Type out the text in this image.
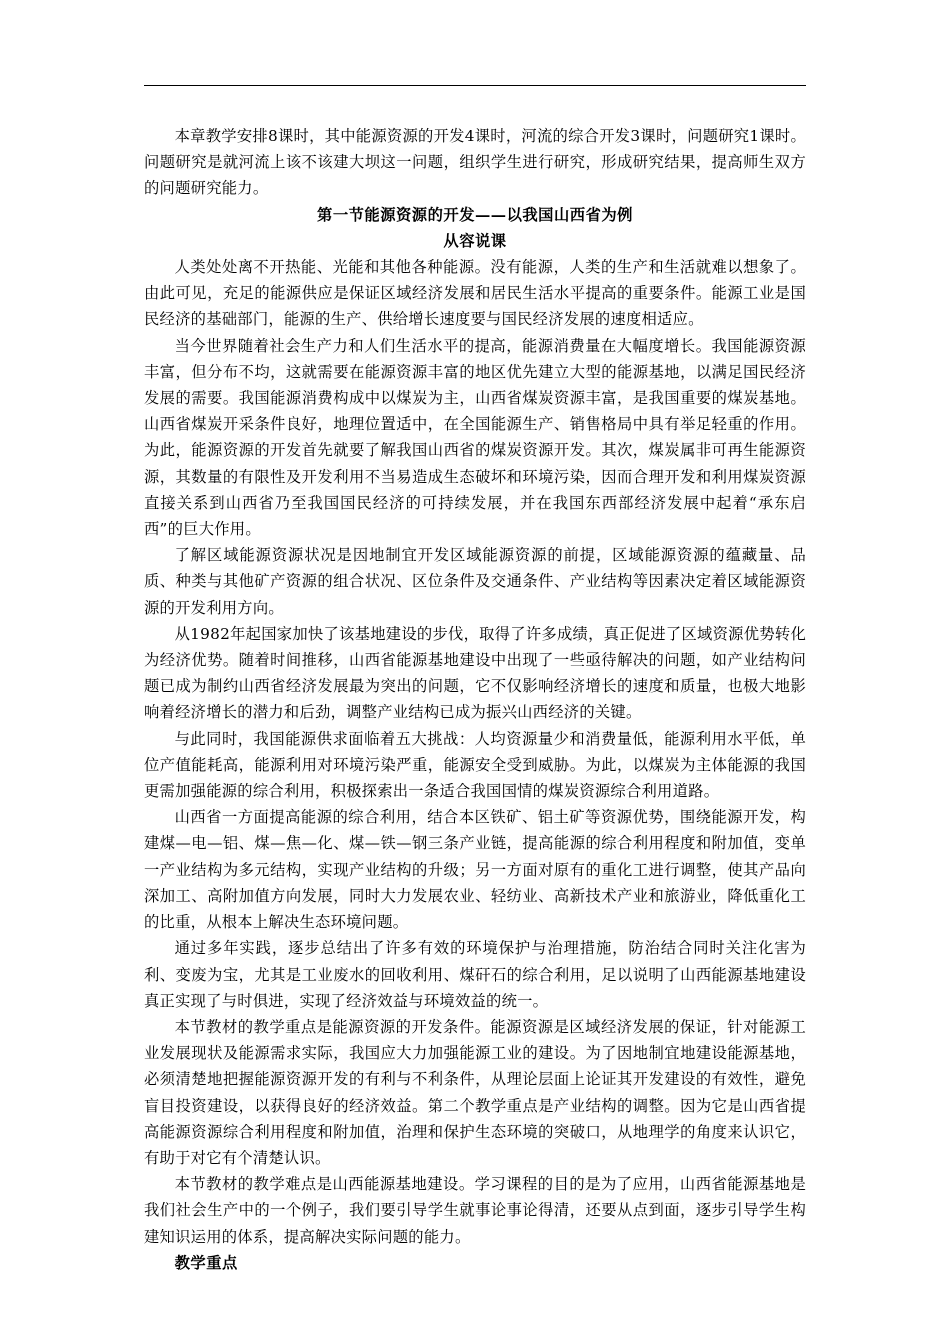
本章教学安排8课时，其中能源资源的开发4课时，河流的综合开发3课时，问题研究1课时。问题研究是就河流上该不该建大坝这一问题，组织学生进行研究，形成研究结果，提高师生双方的问题研究能力。

第一节能源资源的开发——以我国山西省为例

从容说课

人类处处离不开热能、光能和其他各种能源。没有能源，人类的生产和生活就难以想象了。由此可见，充足的能源供应是保证区域经济发展和居民生活水平提高的重要条件。能源工业是国民经济的基础部门，能源的生产、供给增长速度要与国民经济发展的速度相适应。

当今世界随着社会生产力和人们生活水平的提高，能源消费量在大幅度增长。我国能源资源丰富，但分布不均，这就需要在能源资源丰富的地区优先建立大型的能源基地，以满足国民经济发展的需要。我国能源消费构成中以煤炭为主，山西省煤炭资源丰富，是我国重要的煤炭基地。山西省煤炭开采条件良好，地理位置适中，在全国能源生产、销售格局中具有举足轻重的作用。为此，能源资源的开发首先就要了解我国山西省的煤炭资源开发。其次，煤炭属非可再生能源资源，其数量的有限性及开发利用不当易造成生态破坏和环境污染，因而合理开发和利用煤炭资源直接关系到山西省乃至我国国民经济的可持续发展，并在我国东西部经济发展中起着“承东启西”的巨大作用。

了解区域能源资源状况是因地制宜开发区域能源资源的前提，区域能源资源的蕴藏量、品质、种类与其他矿产资源的组合状况、区位条件及交通条件、产业结构等因素决定着区域能源资源的开发利用方向。

从1982年起国家加快了该基地建设的步伐，取得了许多成绩，真正促进了区域资源优势转化为经济优势。随着时间推移，山西省能源基地建设中出现了一些亟待解决的问题，如产业结构问题已成为制约山西省经济发展最为突出的问题，它不仅影响经济增长的速度和质量，也极大地影响着经济增长的潜力和后劲，调整产业结构已成为振兴山西经济的关键。

与此同时，我国能源供求面临着五大挑战：人均资源量少和消费量低，能源利用水平低，单位产值能耗高，能源利用对环境污染严重，能源安全受到威胁。为此，以煤炭为主体能源的我国更需加强能源的综合利用，积极探索出一条适合我国国情的煤炭资源综合利用道路。

山西省一方面提高能源的综合利用，结合本区铁矿、铝土矿等资源优势，围绕能源开发，构建煤—电—铝、煤—焦—化、煤—铁—钢三条产业链，提高能源的综合利用程度和附加值，变单一产业结构为多元结构，实现产业结构的升级；另一方面对原有的重化工进行调整，使其产品向深加工、高附加值方向发展，同时大力发展农业、轻纺业、高新技术产业和旅游业，降低重化工的比重，从根本上解决生态环境问题。

通过多年实践，逐步总结出了许多有效的环境保护与治理措施，防治结合同时关注化害为利、变废为宝，尤其是工业废水的回收利用、煤矸石的综合利用，足以说明了山西能源基地建设真正实现了与时俱进，实现了经济效益与环境效益的统一。

本节教材的教学重点是能源资源的开发条件。能源资源是区域经济发展的保证，针对能源工业发展现状及能源需求实际，我国应大力加强能源工业的建设。为了因地制宜地建设能源基地，必须清楚地把握能源资源开发的有利与不利条件，从理论层面上论证其开发建设的有效性，避免盲目投资建设，以获得良好的经济效益。第二个教学重点是产业结构的调整。因为它是山西省提高能源资源综合利用程度和附加值，治理和保护生态环境的突破口，从地理学的角度来认识它，有助于对它有个清楚认识。

本节教材的教学难点是山西能源基地建设。学习课程的目的是为了应用，山西省能源基地是我们社会生产中的一个例子，我们要引导学生就事论事论得清，还要从点到面，逐步引导学生构建知识运用的体系，提高解决实际问题的能力。

教学重点
